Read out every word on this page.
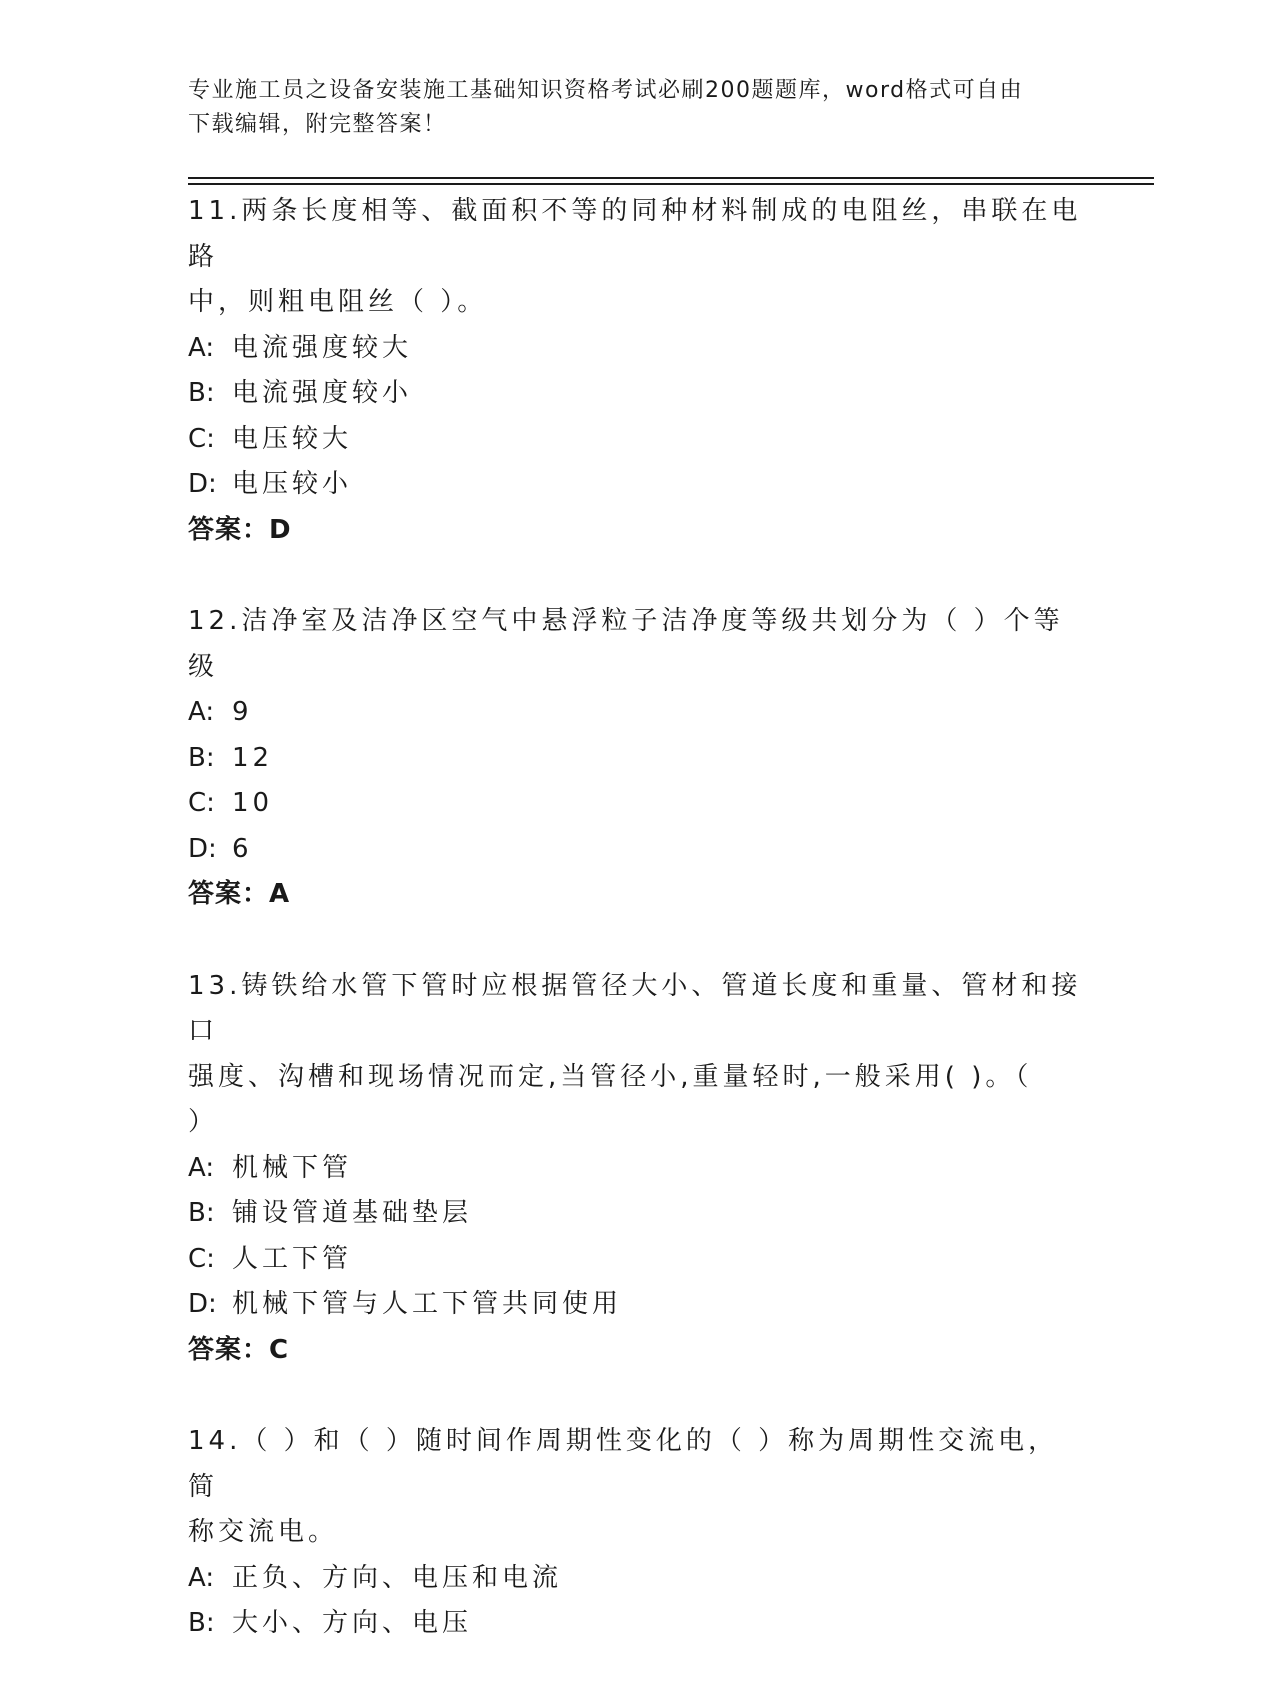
专业施工员之设备安装施工基础知识资格考试必刷200题题库，word格式可自由
下载编辑，附完整答案！
11.两条长度相等、截面积不等的同种材料制成的电阻丝，串联在电路
中，则粗电阻丝（ ）。
A: 电流强度较大
B: 电流强度较小
C: 电压较大
D: 电压较小
答案：D
12.洁净室及洁净区空气中悬浮粒子洁净度等级共划分为（ ）个等级
A: 9
B: 12
C: 10
D: 6
答案：A
13.铸铁给水管下管时应根据管径大小、管道长度和重量、管材和接口
强度、沟槽和现场情况而定,当管径小,重量轻时,一般采用( )。（
）
A: 机械下管
B: 铺设管道基础垫层
C: 人工下管
D: 机械下管与人工下管共同使用
答案：C
14.（ ）和（ ）随时间作周期性变化的（ ）称为周期性交流电，简
称交流电。
A: 正负、方向、电压和电流
B: 大小、方向、电压
